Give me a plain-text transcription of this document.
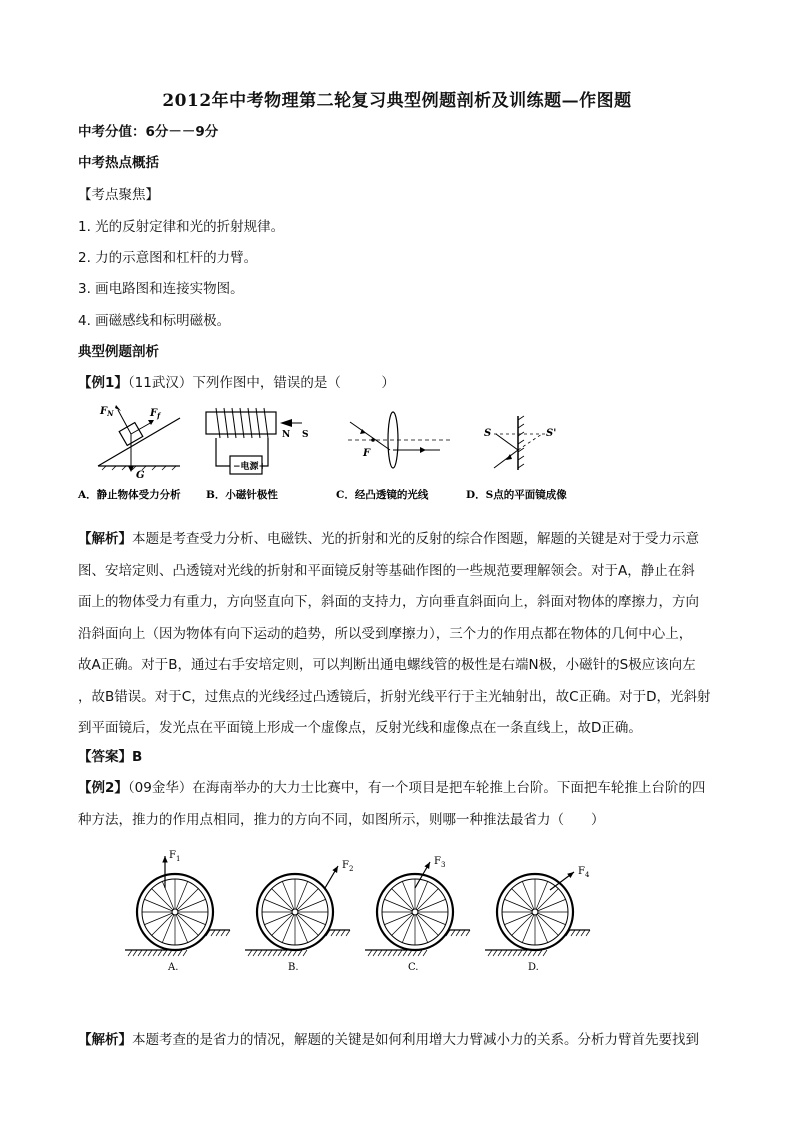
2012年中考物理第二轮复习典型例题剖析及训练题—作图题
中考分值：6分－－9分
中考热点概括
【考点聚焦】
1. 光的反射定律和光的折射规律。
2. 力的示意图和杠杆的力臂。
3. 画电路图和连接实物图。
4. 画磁感线和标明磁极。
典型例题剖析
【例1】（11武汉）下列作图中，错误的是（　　　）
$F_N$	$F_f$
G
−电源+
N S
F
S	S'
A．静止物体受力分析 B．小磁针极性	C．经凸透镜的光线	D．S点的平面镜成像

【解析】本题是考查受力分析、电磁铁、光的折射和光的反射的综合作图题，解题的关键是对于受力示意

图、安培定则、凸透镜对光线的折射和平面镜反射等基础作图的一些规范要理解领会。对于A，静止在斜

面上的物体受力有重力，方向竖直向下，斜面的支持力，方向垂直斜面向上，斜面对物体的摩擦力，方向

沿斜面向上（因为物体有向下运动的趋势，所以受到摩擦力），三个力的作用点都在物体的几何中心上，

故A正确。对于B，通过右手安培定则，可以判断出通电螺线管的极性是右端N极，小磁针的S极应该向左

，故B错误。对于C，过焦点的光线经过凸透镜后，折射光线平行于主光轴射出，故C正确。对于D，光斜射

到平面镜后，发光点在平面镜上形成一个虚像点，反射光线和虚像点在一条直线上，故D正确。

【答案】B

【例2】（09金华）在海南举办的大力士比赛中，有一个项目是把车轮推上台阶。下面把车轮推上台阶的四

种方法，推力的作用点相同，推力的方向不同，如图所示，则哪一种推法最省力（　　）

$F_1$
A.
$F_2$
B.
$F_3$
C.
$F_4$
D.

【解析】本题考查的是省力的情况，解题的关键是如何利用增大力臂减小力的关系。分析力臂首先要找到
